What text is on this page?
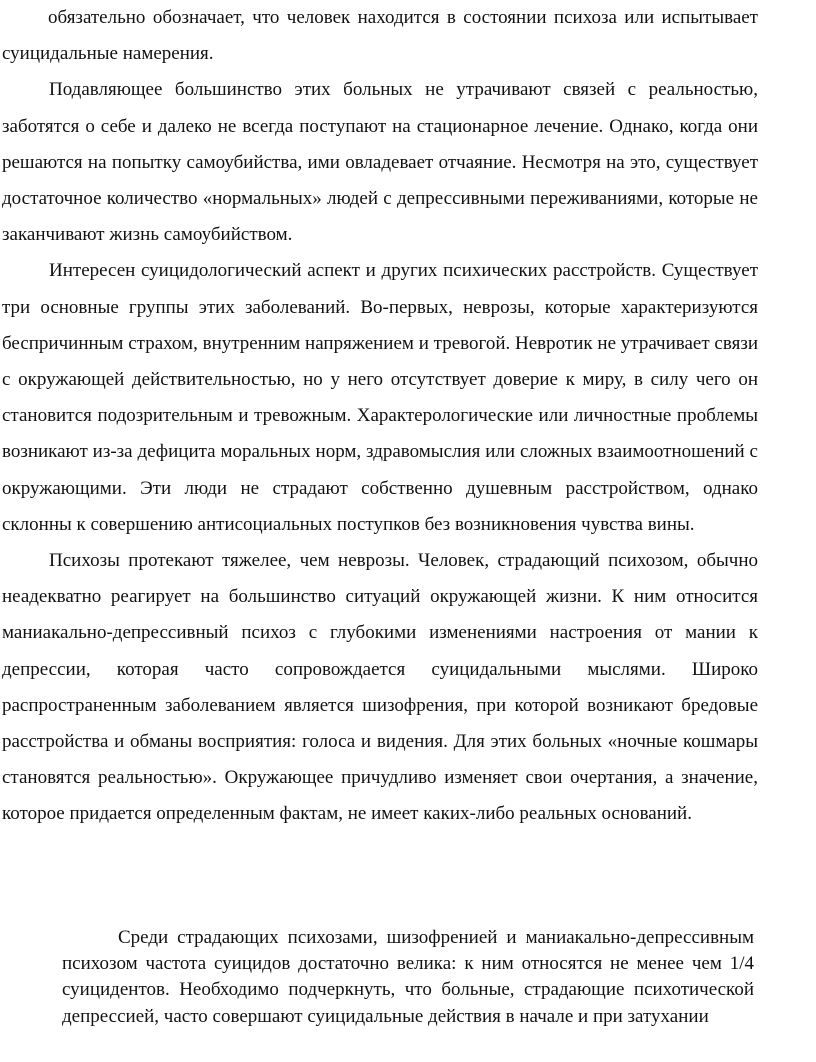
обязательно обозначает, что человек находится в состоянии психоза или испытывает суицидальные намерения.

Подавляющее большинство этих больных не утрачивают связей с реальностью, заботятся о себе и далеко не всегда поступают на стационарное лечение. Однако, когда они решаются на попытку самоубийства, ими овладевает отчаяние. Несмотря на это, существует достаточное количество «нормальных» людей с депрессивными переживаниями, которые не заканчивают жизнь самоубийством.

Интересен суицидологический аспект и других психических расстройств. Существует три основные группы этих заболеваний. Во-первых, неврозы, которые характеризуются беспричинным страхом, внутренним напряжением и тревогой. Невротик не утрачивает связи с окружающей действительностью, но у него отсутствует доверие к миру, в силу чего он становится подозрительным и тревожным. Характерологические или личностные проблемы возникают из-за дефицита моральных норм, здравомыслия или сложных взаимоотношений с окружающими. Эти люди не страдают собственно душевным расстройством, однако склонны к совершению антисоциальных поступков без возникновения чувства вины.

Психозы протекают тяжелее, чем неврозы. Человек, страдающий психозом, обычно неадекватно реагирует на большинство ситуаций окружающей жизни. К ним относится маниакально-депрессивный психоз с глубокими изменениями настроения от мании к депрессии, которая часто сопровождается суицидальными мыслями. Широко распространенным заболеванием является шизофрения, при которой возникают бредовые расстройства и обманы восприятия: голоса и видения. Для этих больных «ночные кошмары становятся реальностью». Окружающее причудливо изменяет свои очертания, а значение, которое придается определенным фактам, не имеет каких-либо реальных оснований.

Среди страдающих психозами, шизофренией и маниакально-депрессивным психозом частота суицидов достаточно велика: к ним относятся не менее чем 1/4 суицидентов. Необходимо подчеркнуть, что больные, страдающие психотической депрессией, часто совершают суицидальные действия в начале и при затухании
